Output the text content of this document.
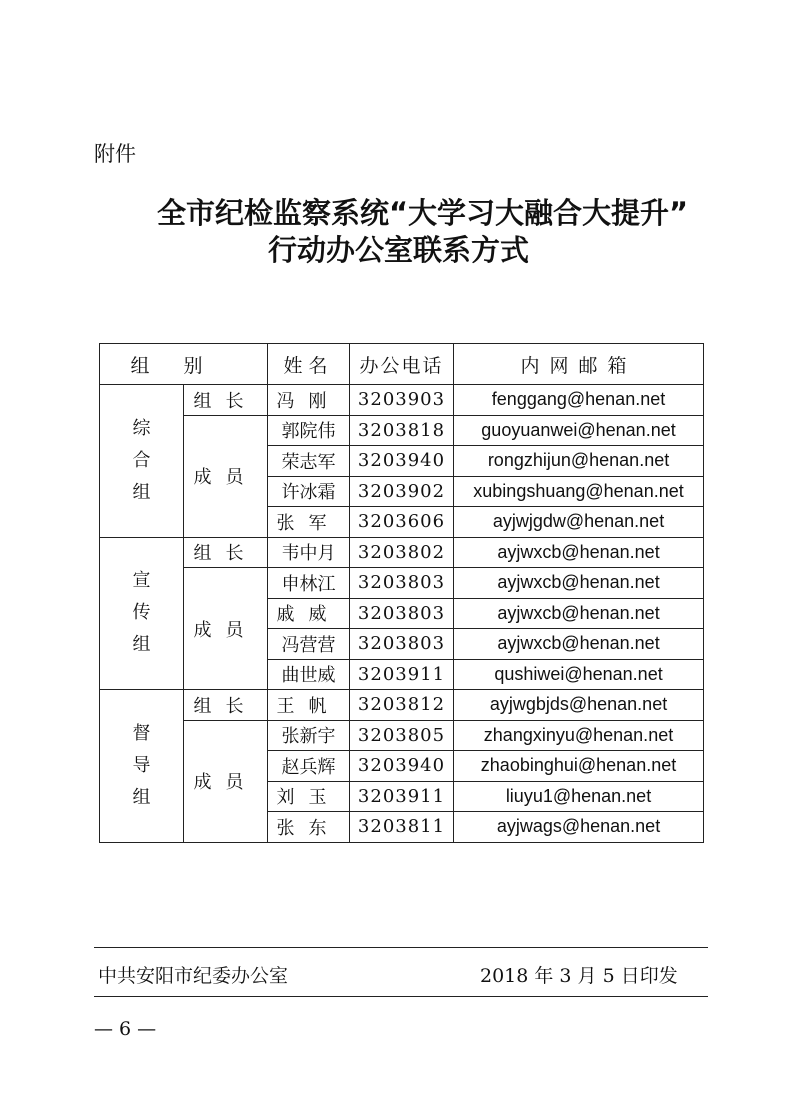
附件
全市纪检监察系统“大学习大融合大提升”
行动办公室联系方式
组别		姓名	办公电话	内网邮箱
综合组	组长	冯刚	3203903	fenggang@henan.net
	成员	郭院伟	3203818	guoyuanwei@henan.net
		荣志军	3203940	rongzhijun@henan.net
		许冰霜	3203902	xubingshuang@henan.net
		张军	3203606	ayjwjgdw@henan.net
宣传组	组长	韦中月	3203802	ayjwxcb@henan.net
	成员	申林江	3203803	ayjwxcb@henan.net
		戚威	3203803	ayjwxcb@henan.net
		冯营营	3203803	ayjwxcb@henan.net
		曲世威	3203911	qushiwei@henan.net
督导组	组长	王帆	3203812	ayjwgbjds@henan.net
	成员	张新宇	3203805	zhangxinyu@henan.net
		赵兵辉	3203940	zhaobinghui@henan.net
		刘玉	3203911	liuyu1@henan.net
		张东	3203811	ayjwags@henan.net
中共安阳市纪委办公室	2018 年 3 月 5 日印发
— 6 —
